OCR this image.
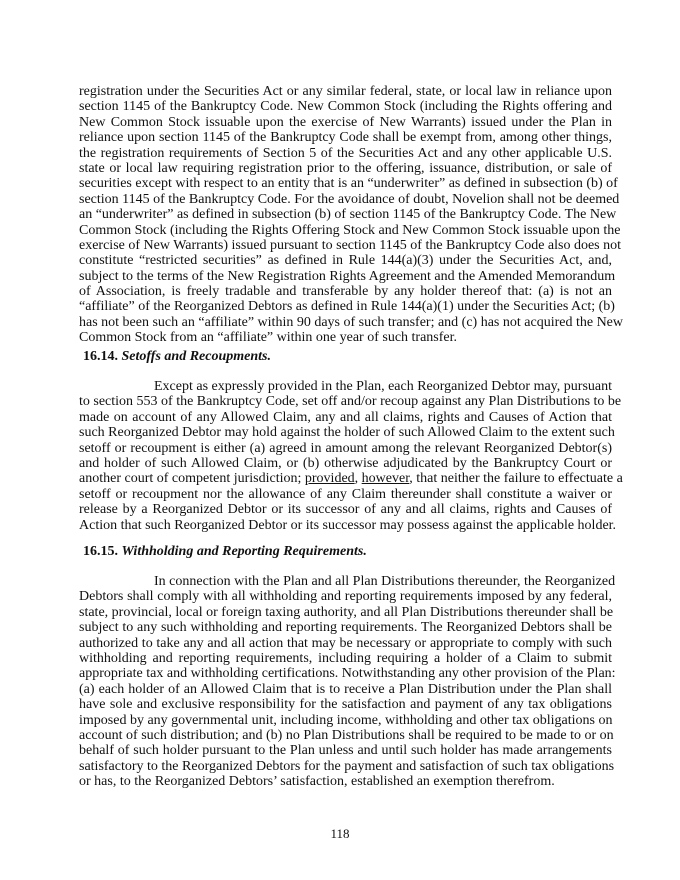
registration under the Securities Act or any similar federal, state, or local law in reliance upon
section 1145 of the Bankruptcy Code. New Common Stock (including the Rights offering and
New Common Stock issuable upon the exercise of New Warrants) issued under the Plan in
reliance upon section 1145 of the Bankruptcy Code shall be exempt from, among other things,
the registration requirements of Section 5 of the Securities Act and any other applicable U.S.
state or local law requiring registration prior to the offering, issuance, distribution, or sale of
securities except with respect to an entity that is an “underwriter” as defined in subsection (b) of
section 1145 of the Bankruptcy Code. For the avoidance of doubt, Novelion shall not be deemed
an “underwriter” as defined in subsection (b) of section 1145 of the Bankruptcy Code. The New
Common Stock (including the Rights Offering Stock and New Common Stock issuable upon the
exercise of New Warrants) issued pursuant to section 1145 of the Bankruptcy Code also does not
constitute “restricted securities” as defined in Rule 144(a)(3) under the Securities Act, and,
subject to the terms of the New Registration Rights Agreement and the Amended Memorandum
of Association, is freely tradable and transferable by any holder thereof that: (a) is not an
“affiliate” of the Reorganized Debtors as defined in Rule 144(a)(1) under the Securities Act; (b)
has not been such an “affiliate” within 90 days of such transfer; and (c) has not acquired the New
Common Stock from an “affiliate” within one year of such transfer.
16.14. Setoffs and Recoupments.
Except as expressly provided in the Plan, each Reorganized Debtor may, pursuant
to section 553 of the Bankruptcy Code, set off and/or recoup against any Plan Distributions to be
made on account of any Allowed Claim, any and all claims, rights and Causes of Action that
such Reorganized Debtor may hold against the holder of such Allowed Claim to the extent such
setoff or recoupment is either (a) agreed in amount among the relevant Reorganized Debtor(s)
and holder of such Allowed Claim, or (b) otherwise adjudicated by the Bankruptcy Court or
another court of competent jurisdiction; provided, however, that neither the failure to effectuate a
setoff or recoupment nor the allowance of any Claim thereunder shall constitute a waiver or
release by a Reorganized Debtor or its successor of any and all claims, rights and Causes of
Action that such Reorganized Debtor or its successor may possess against the applicable holder.
16.15. Withholding and Reporting Requirements.
In connection with the Plan and all Plan Distributions thereunder, the Reorganized
Debtors shall comply with all withholding and reporting requirements imposed by any federal,
state, provincial, local or foreign taxing authority, and all Plan Distributions thereunder shall be
subject to any such withholding and reporting requirements. The Reorganized Debtors shall be
authorized to take any and all action that may be necessary or appropriate to comply with such
withholding and reporting requirements, including requiring a holder of a Claim to submit
appropriate tax and withholding certifications. Notwithstanding any other provision of the Plan:
(a) each holder of an Allowed Claim that is to receive a Plan Distribution under the Plan shall
have sole and exclusive responsibility for the satisfaction and payment of any tax obligations
imposed by any governmental unit, including income, withholding and other tax obligations on
account of such distribution; and (b) no Plan Distributions shall be required to be made to or on
behalf of such holder pursuant to the Plan unless and until such holder has made arrangements
satisfactory to the Reorganized Debtors for the payment and satisfaction of such tax obligations
or has, to the Reorganized Debtors’ satisfaction, established an exemption therefrom.
118
